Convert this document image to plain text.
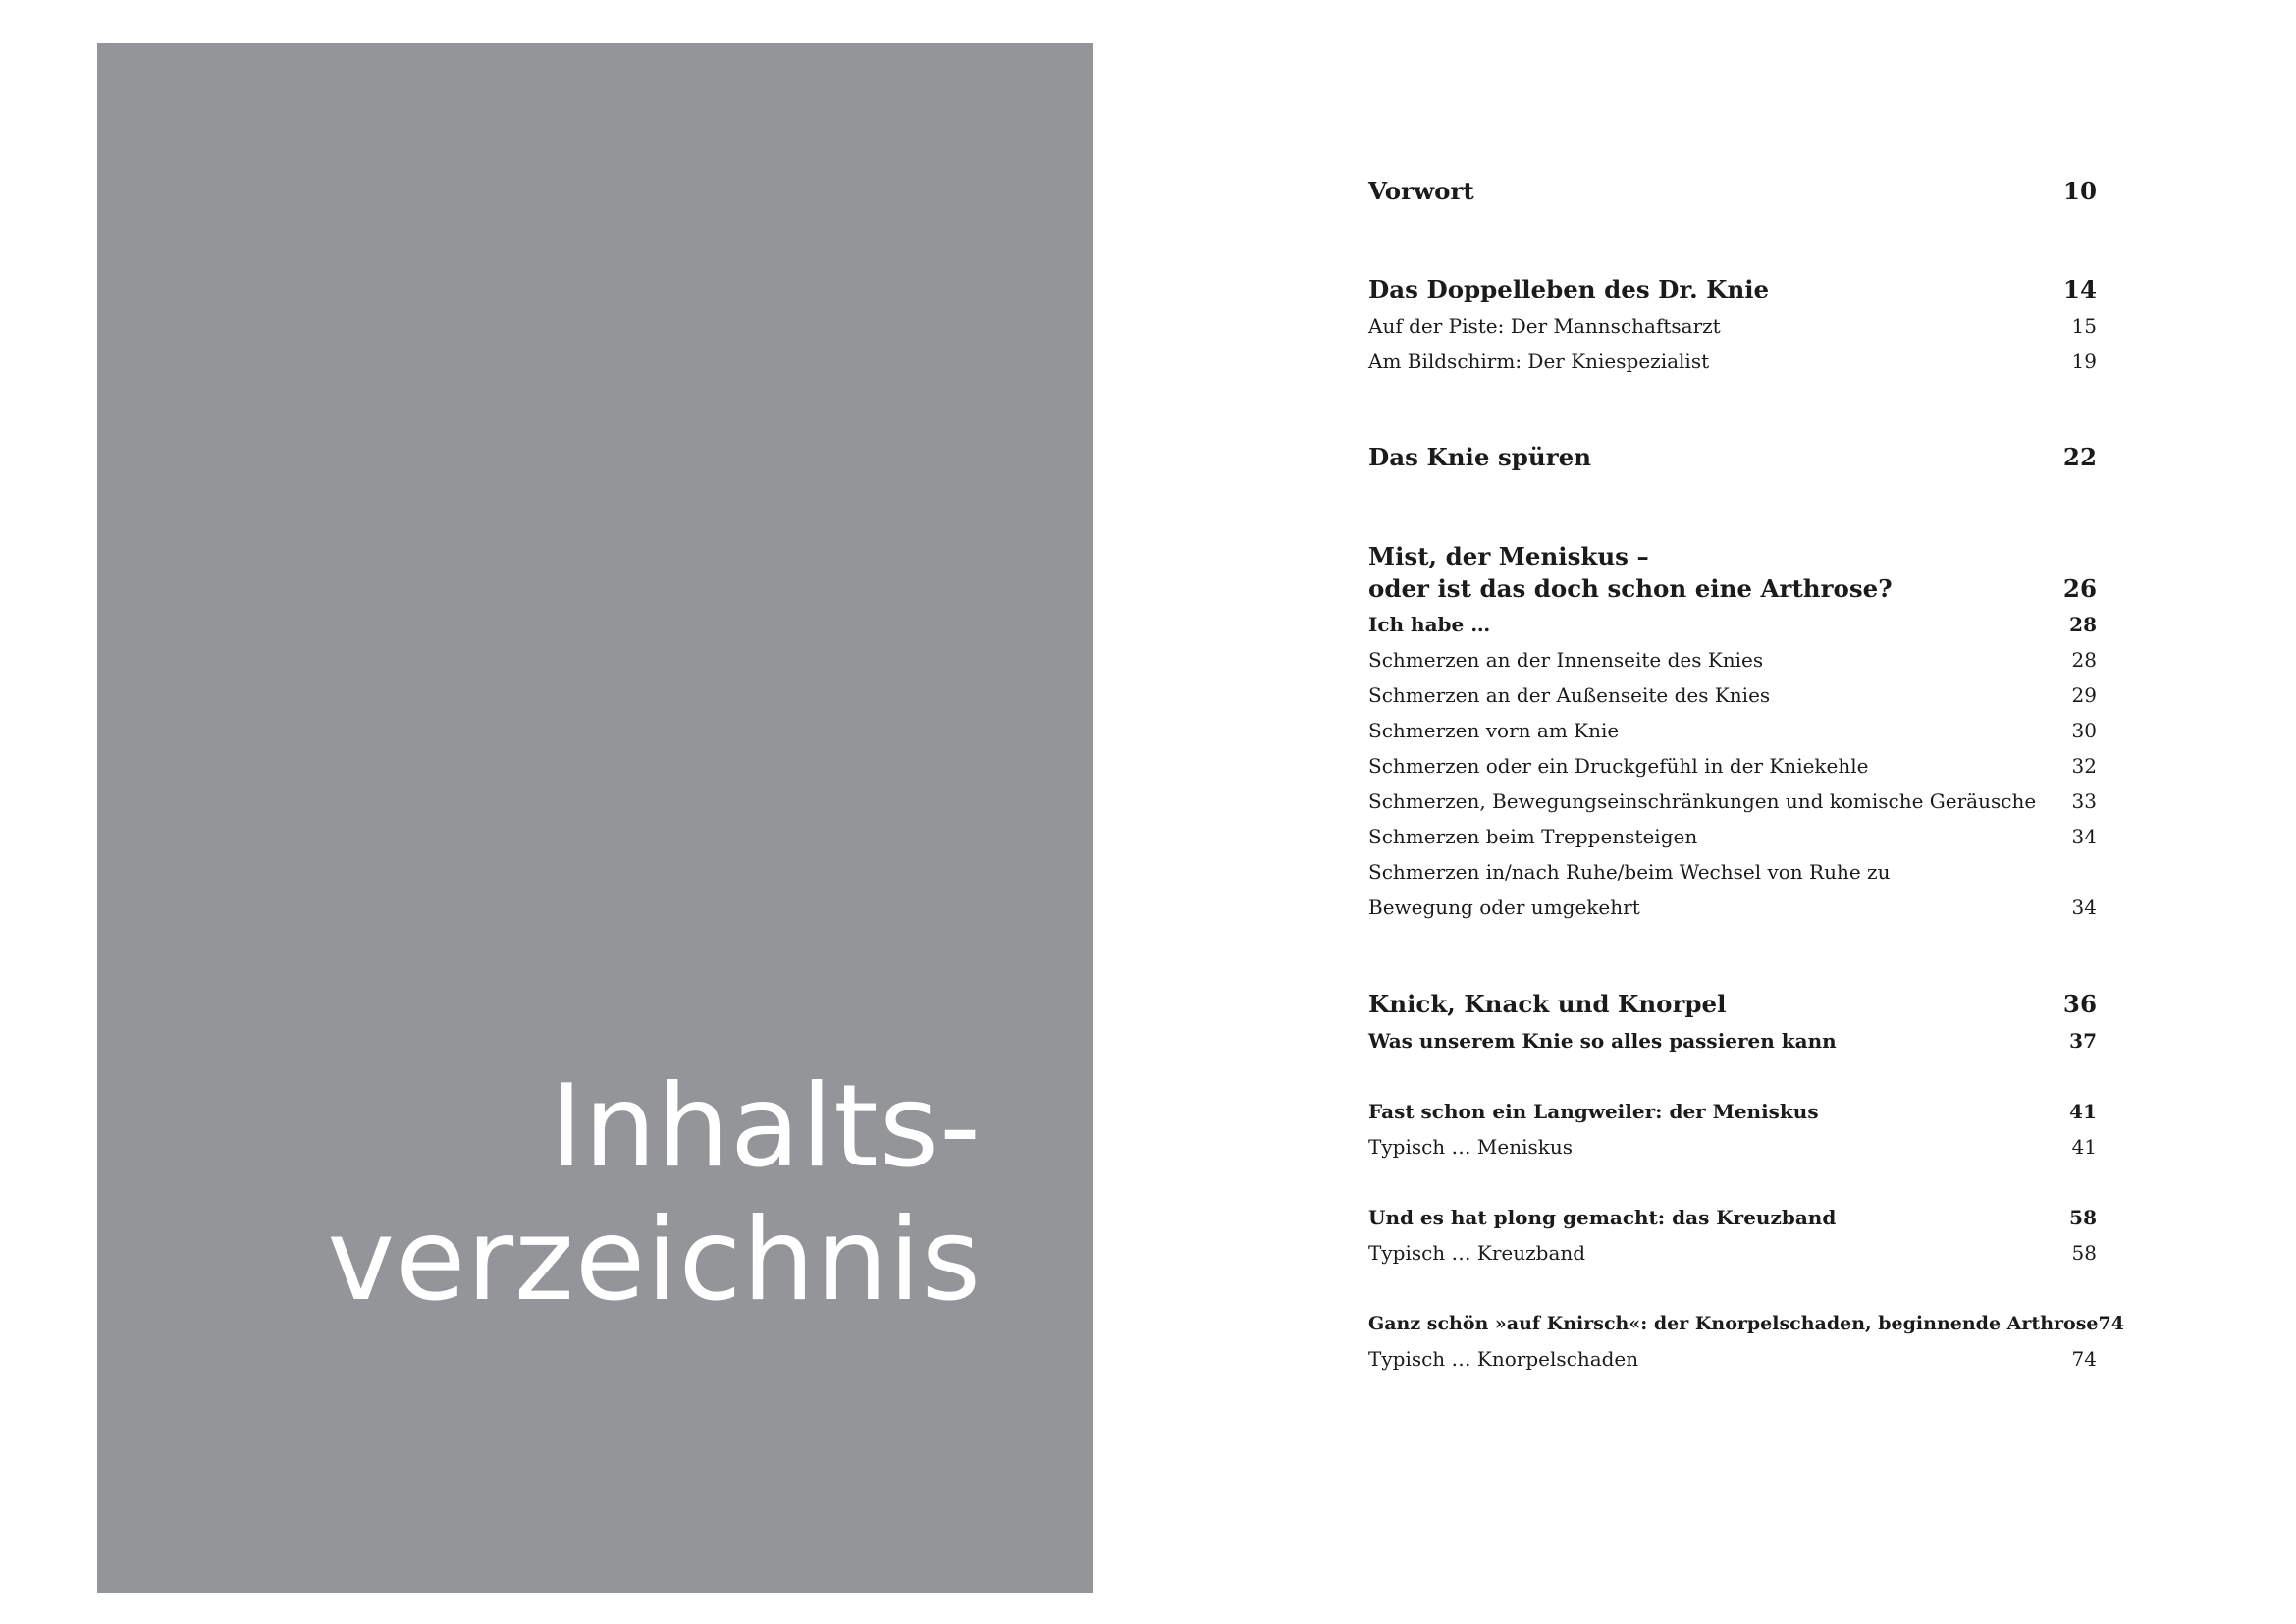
Inhalts-
verzeichnis
Vorwort	10
Das Doppelleben des Dr. Knie	14
Auf der Piste: Der Mannschaftsarzt	15
Am Bildschirm: Der Kniespezialist	19
Das Knie spüren	22

Mist, der Meniskus –

oder ist das doch schon eine Arthrose?	26
Ich habe …	28
Schmerzen an der Innenseite des Knies	28
Schmerzen an der Außenseite des Knies	29
Schmerzen vorn am Knie	30
Schmerzen oder ein Druckgefühl in der Kniekehle	32
Schmerzen, Bewegungseinschränkungen und komische Geräusche 33
Schmerzen beim Treppensteigen	34

Schmerzen in/nach Ruhe/beim Wechsel von Ruhe zu

Bewegung oder umgekehrt	34
Knick, Knack und Knorpel	36
Was unserem Knie so alles passieren kann	37
Fast schon ein Langweiler: der Meniskus	41
Typisch … Meniskus	41
Und es hat plong gemacht: das Kreuzband	58
Typisch … Kreuzband	58
Ganz schön »auf Knirsch«: der Knorpelschaden, beginnende Arthrose 74
Typisch … Knorpelschaden	74
